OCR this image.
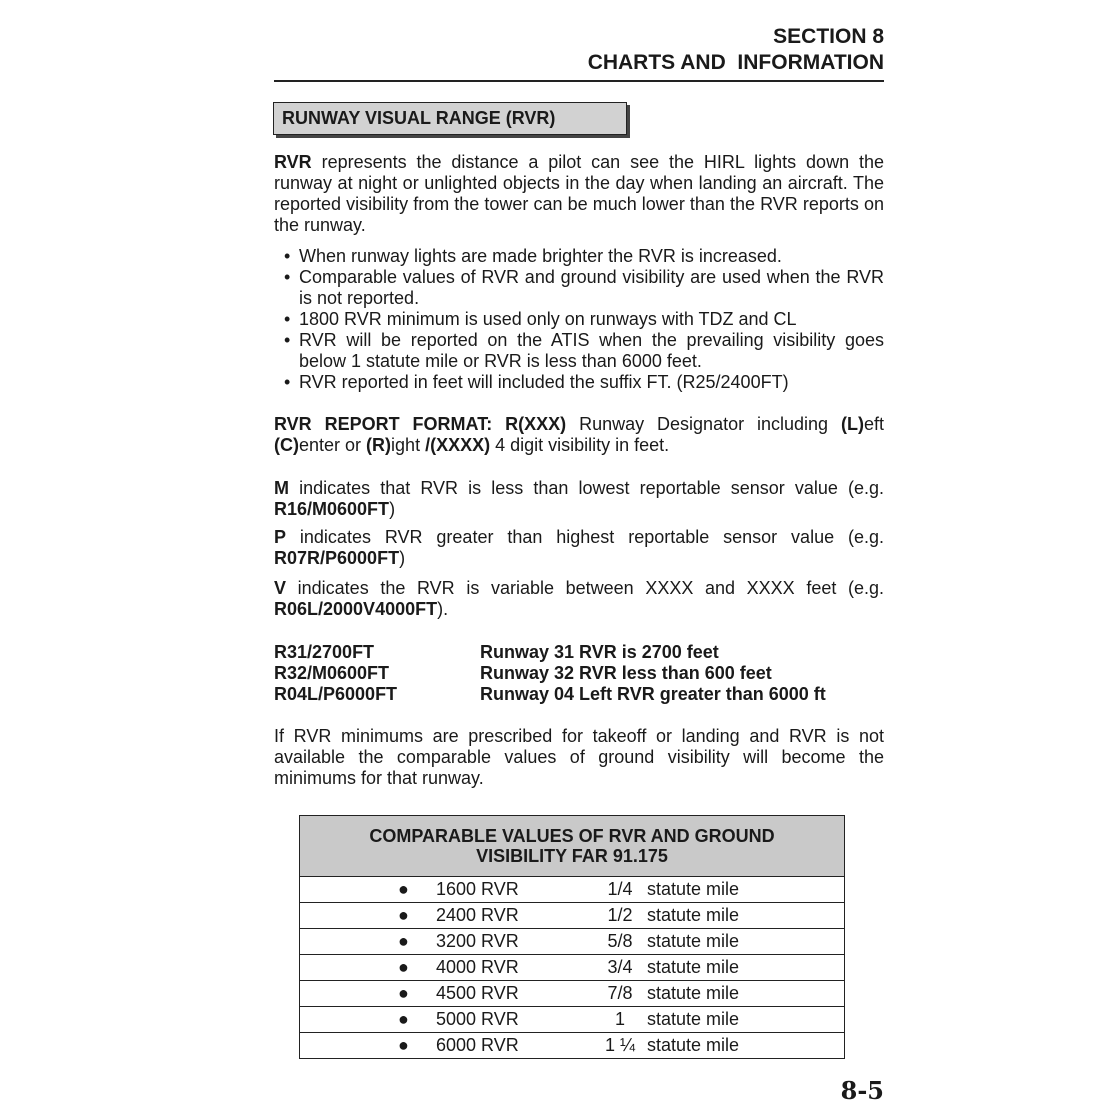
SECTION 8
CHARTS AND  INFORMATION
RUNWAY VISUAL RANGE (RVR)
RVR represents the distance a pilot can see the HIRL lights down the runway at night or unlighted objects in the day when landing an aircraft. The reported visibility from the tower can be much lower than the RVR reports on the runway.
• When runway lights are made brighter the RVR is increased.
• Comparable values of RVR and ground visibility are used when the RVR is not reported.
• 1800 RVR minimum is used only on runways with TDZ and CL
• RVR will be reported on the ATIS when the prevailing visibility goes below 1 statute mile or RVR is less than 6000 feet.
• RVR reported in feet will included the suffix FT. (R25/2400FT)
RVR REPORT FORMAT: R(XXX) Runway Designator including (L)eft (C)enter or (R)ight /(XXXX) 4 digit visibility in feet.
M indicates that RVR is less than lowest reportable sensor value (e.g. R16/M0600FT)
P indicates RVR greater than highest reportable sensor value (e.g. R07R/P6000FT)
V indicates the RVR is variable between XXXX and XXXX feet (e.g. R06L/2000V4000FT).
R31/2700FT	Runway 31 RVR is 2700 feet
R32/M0600FT	Runway 32 RVR less than 600 feet
R04L/P6000FT	Runway 04 Left RVR greater than 6000 ft
If RVR minimums are prescribed for takeoff or landing and RVR is not available the comparable values of ground visibility will become the minimums for that runway.
COMPARABLE VALUES OF RVR AND GROUND
VISIBILITY FAR 91.175

● 1600 RVR	1/4 statute mile

● 2400 RVR	1/2 statute mile

● 3200 RVR	5/8 statute mile

● 4000 RVR	3/4 statute mile

● 4500 RVR	7/8 statute mile

● 5000 RVR	1	statute mile

● 6000 RVR	1 ¼ statute mile
8-5
